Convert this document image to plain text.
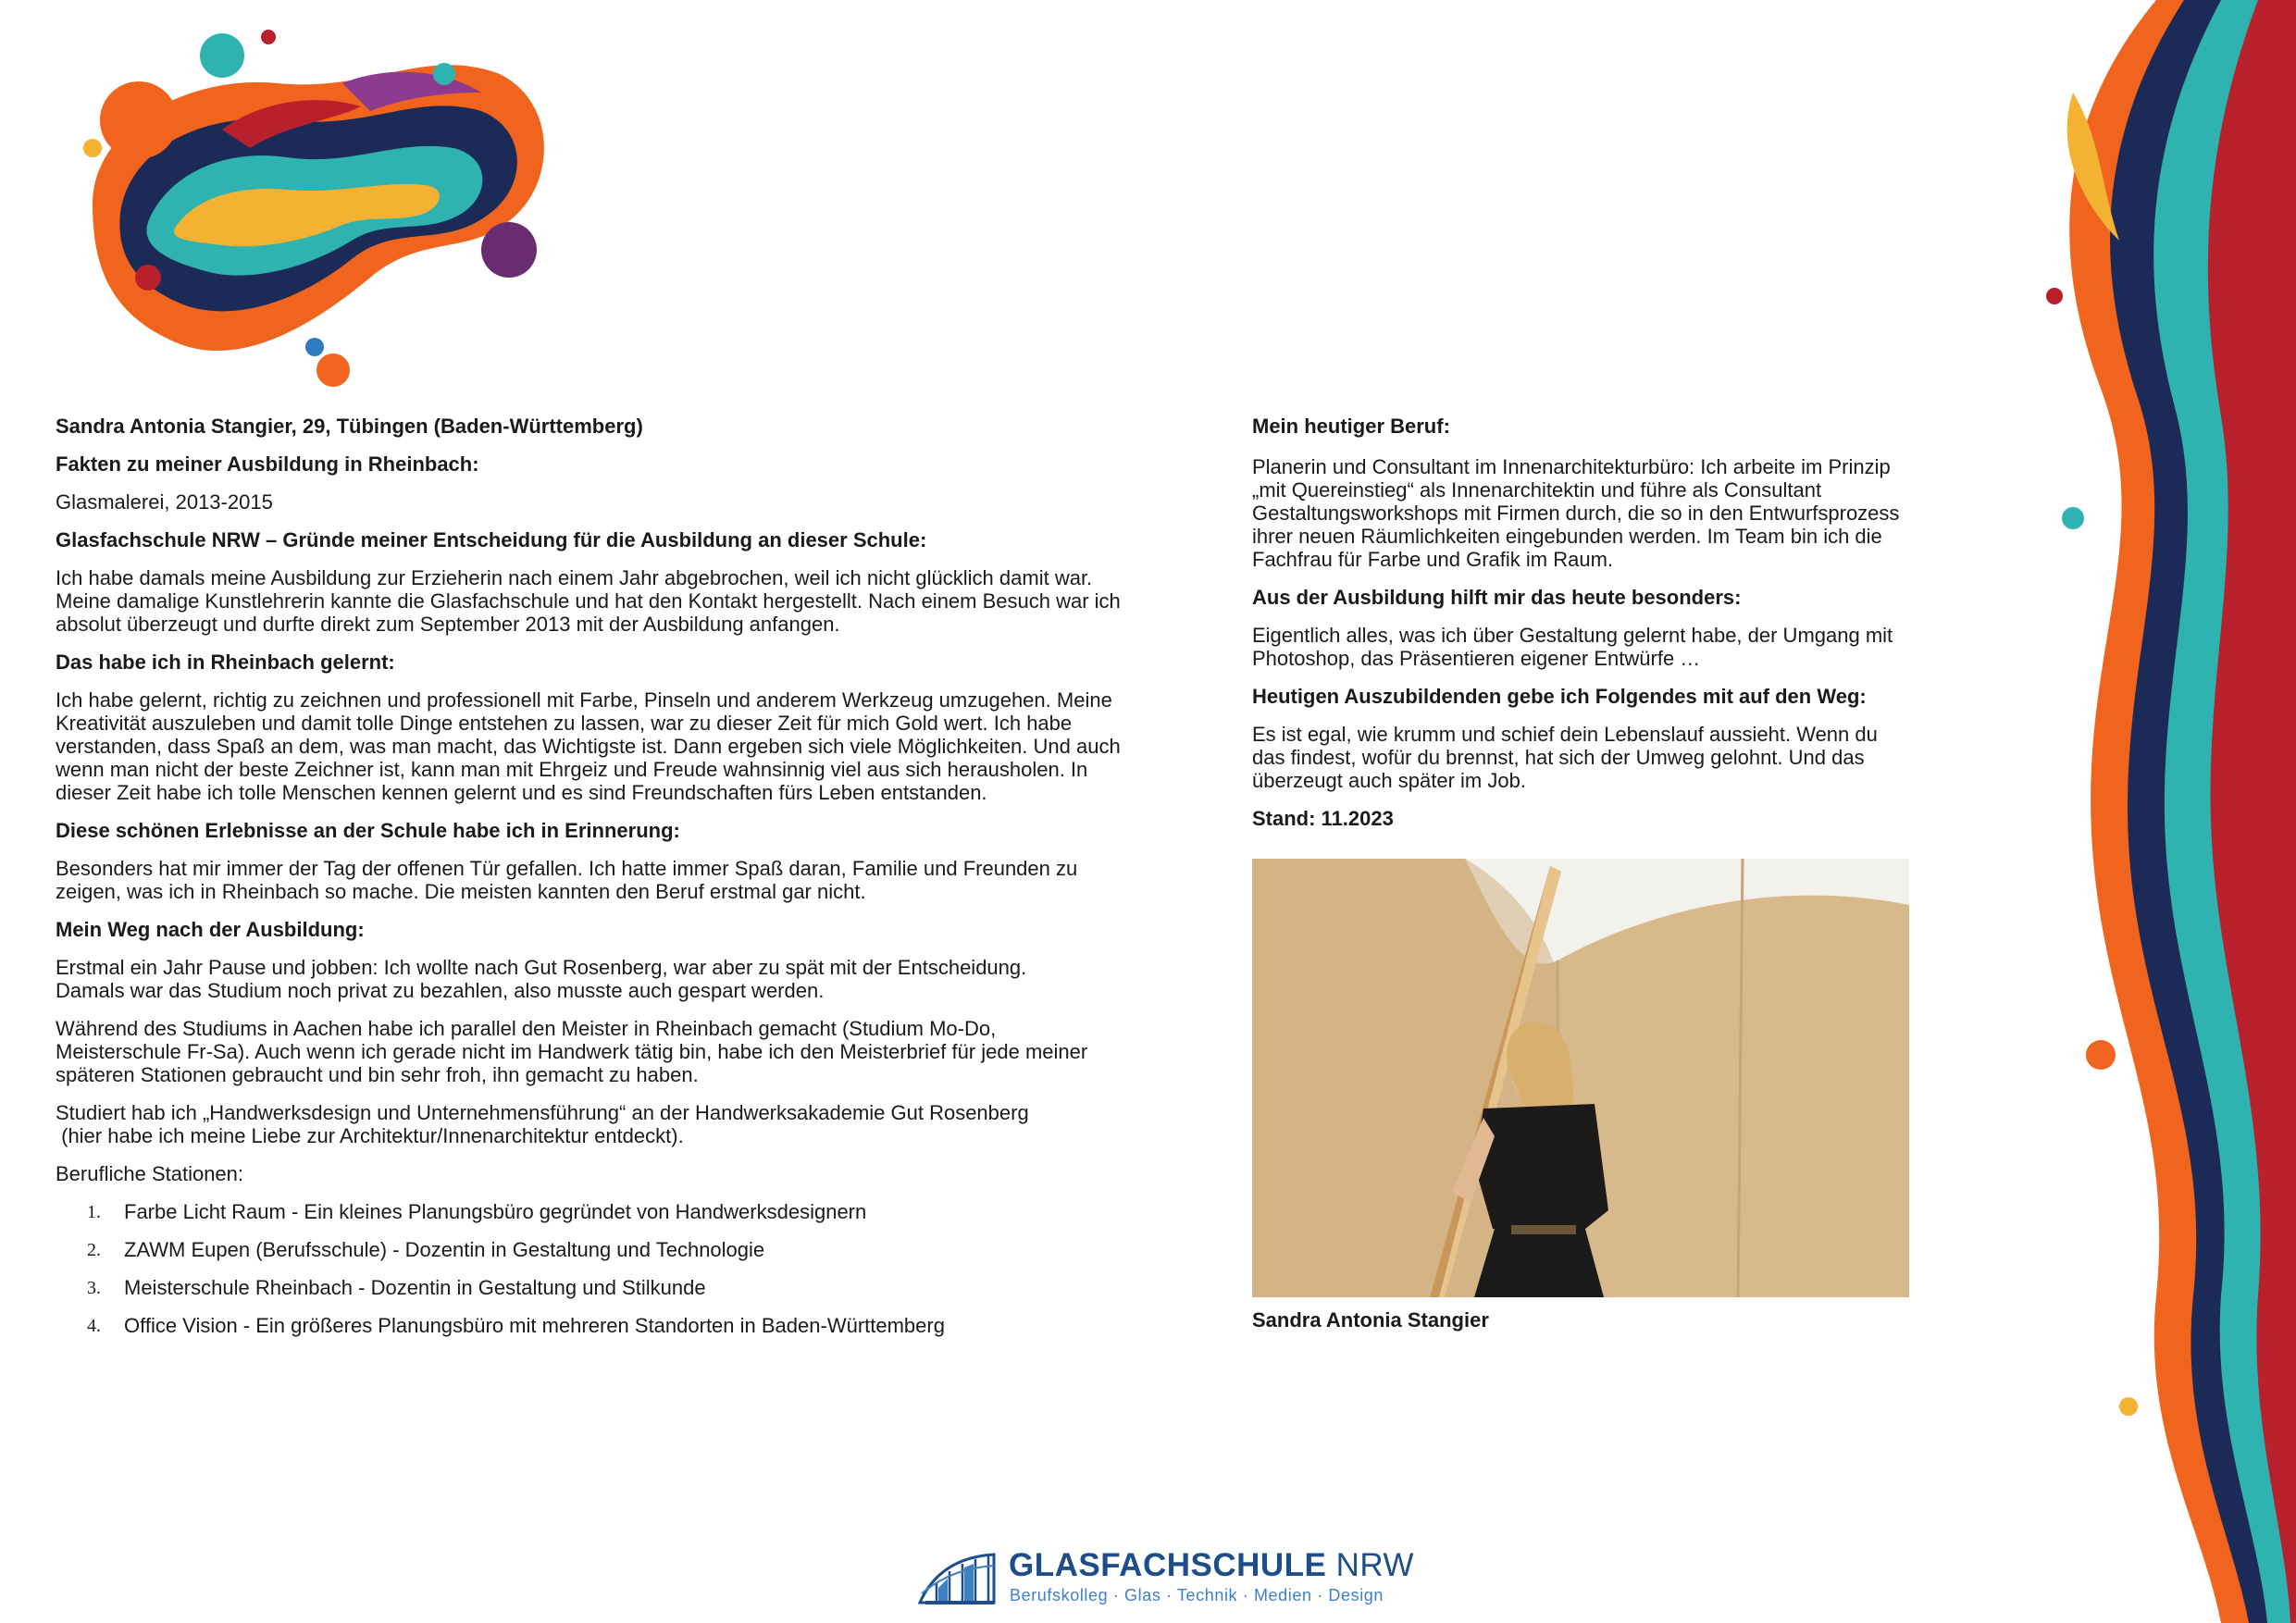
Sandra Antonia Stangier, 29, Tübingen (Baden-Württemberg)

Fakten zu meiner Ausbildung in Rheinbach:

Glasmalerei, 2013-2015

Glasfachschule NRW – Gründe meiner Entscheidung für die Ausbildung an dieser Schule:

Ich habe damals meine Ausbildung zur Erzieherin nach einem Jahr abgebrochen, weil ich nicht glücklich damit war.
Meine damalige Kunstlehrerin kannte die Glasfachschule und hat den Kontakt hergestellt. Nach einem Besuch war ich
absolut überzeugt und durfte direkt zum September 2013 mit der Ausbildung anfangen.

Das habe ich in Rheinbach gelernt:

Ich habe gelernt, richtig zu zeichnen und professionell mit Farbe, Pinseln und anderem Werkzeug umzugehen. Meine
Kreativität auszuleben und damit tolle Dinge entstehen zu lassen, war zu dieser Zeit für mich Gold wert. Ich habe
verstanden, dass Spaß an dem, was man macht, das Wichtigste ist. Dann ergeben sich viele Möglichkeiten. Und auch
wenn man nicht der beste Zeichner ist, kann man mit Ehrgeiz und Freude wahnsinnig viel aus sich herausholen. In
dieser Zeit habe ich tolle Menschen kennen gelernt und es sind Freundschaften fürs Leben entstanden.

Diese schönen Erlebnisse an der Schule habe ich in Erinnerung:

Besonders hat mir immer der Tag der offenen Tür gefallen. Ich hatte immer Spaß daran, Familie und Freunden zu
zeigen, was ich in Rheinbach so mache. Die meisten kannten den Beruf erstmal gar nicht.

Mein Weg nach der Ausbildung:

Erstmal ein Jahr Pause und jobben: Ich wollte nach Gut Rosenberg, war aber zu spät mit der Entscheidung.
Damals war das Studium noch privat zu bezahlen, also musste auch gespart werden.
Während des Studiums in Aachen habe ich parallel den Meister in Rheinbach gemacht (Studium Mo-Do,
Meisterschule Fr-Sa). Auch wenn ich gerade nicht im Handwerk tätig bin, habe ich den Meisterbrief für jede meiner
späteren Stationen gebraucht und bin sehr froh, ihn gemacht zu haben.
Studiert hab ich „Handwerksdesign und Unternehmensführung“ an der Handwerksakademie Gut Rosenberg
(hier habe ich meine Liebe zur Architektur/Innenarchitektur entdeckt).

Berufliche Stationen:

1. Farbe Licht Raum - Ein kleines Planungsbüro gegründet von Handwerksdesignern
2. ZAWM Eupen (Berufsschule) - Dozentin in Gestaltung und Technologie
3. Meisterschule Rheinbach - Dozentin in Gestaltung und Stilkunde
4. Office Vision - Ein größeres Planungsbüro mit mehreren Standorten in Baden-Württemberg

Mein heutiger Beruf:

Planerin und Consultant im Innenarchitekturbüro: Ich arbeite im Prinzip
„mit Quereinstieg“ als Innenarchitektin und führe als Consultant
Gestaltungsworkshops mit Firmen durch, die so in den Entwurfsprozess
ihrer neuen Räumlichkeiten eingebunden werden. Im Team bin ich die
Fachfrau für Farbe und Grafik im Raum.

Aus der Ausbildung hilft mir das heute besonders:

Eigentlich alles, was ich über Gestaltung gelernt habe, der Umgang mit
Photoshop, das Präsentieren eigener Entwürfe …

Heutigen Auszubildenden gebe ich Folgendes mit auf den Weg:

Es ist egal, wie krumm und schief dein Lebenslauf aussieht. Wenn du
das findest, wofür du brennst, hat sich der Umweg gelohnt. Und das
überzeugt auch später im Job.

Stand: 11.2023

Sandra Antonia Stangier
GLASFACHSCHULE NRW
Berufskolleg · Glas · Technik · Medien · Design
